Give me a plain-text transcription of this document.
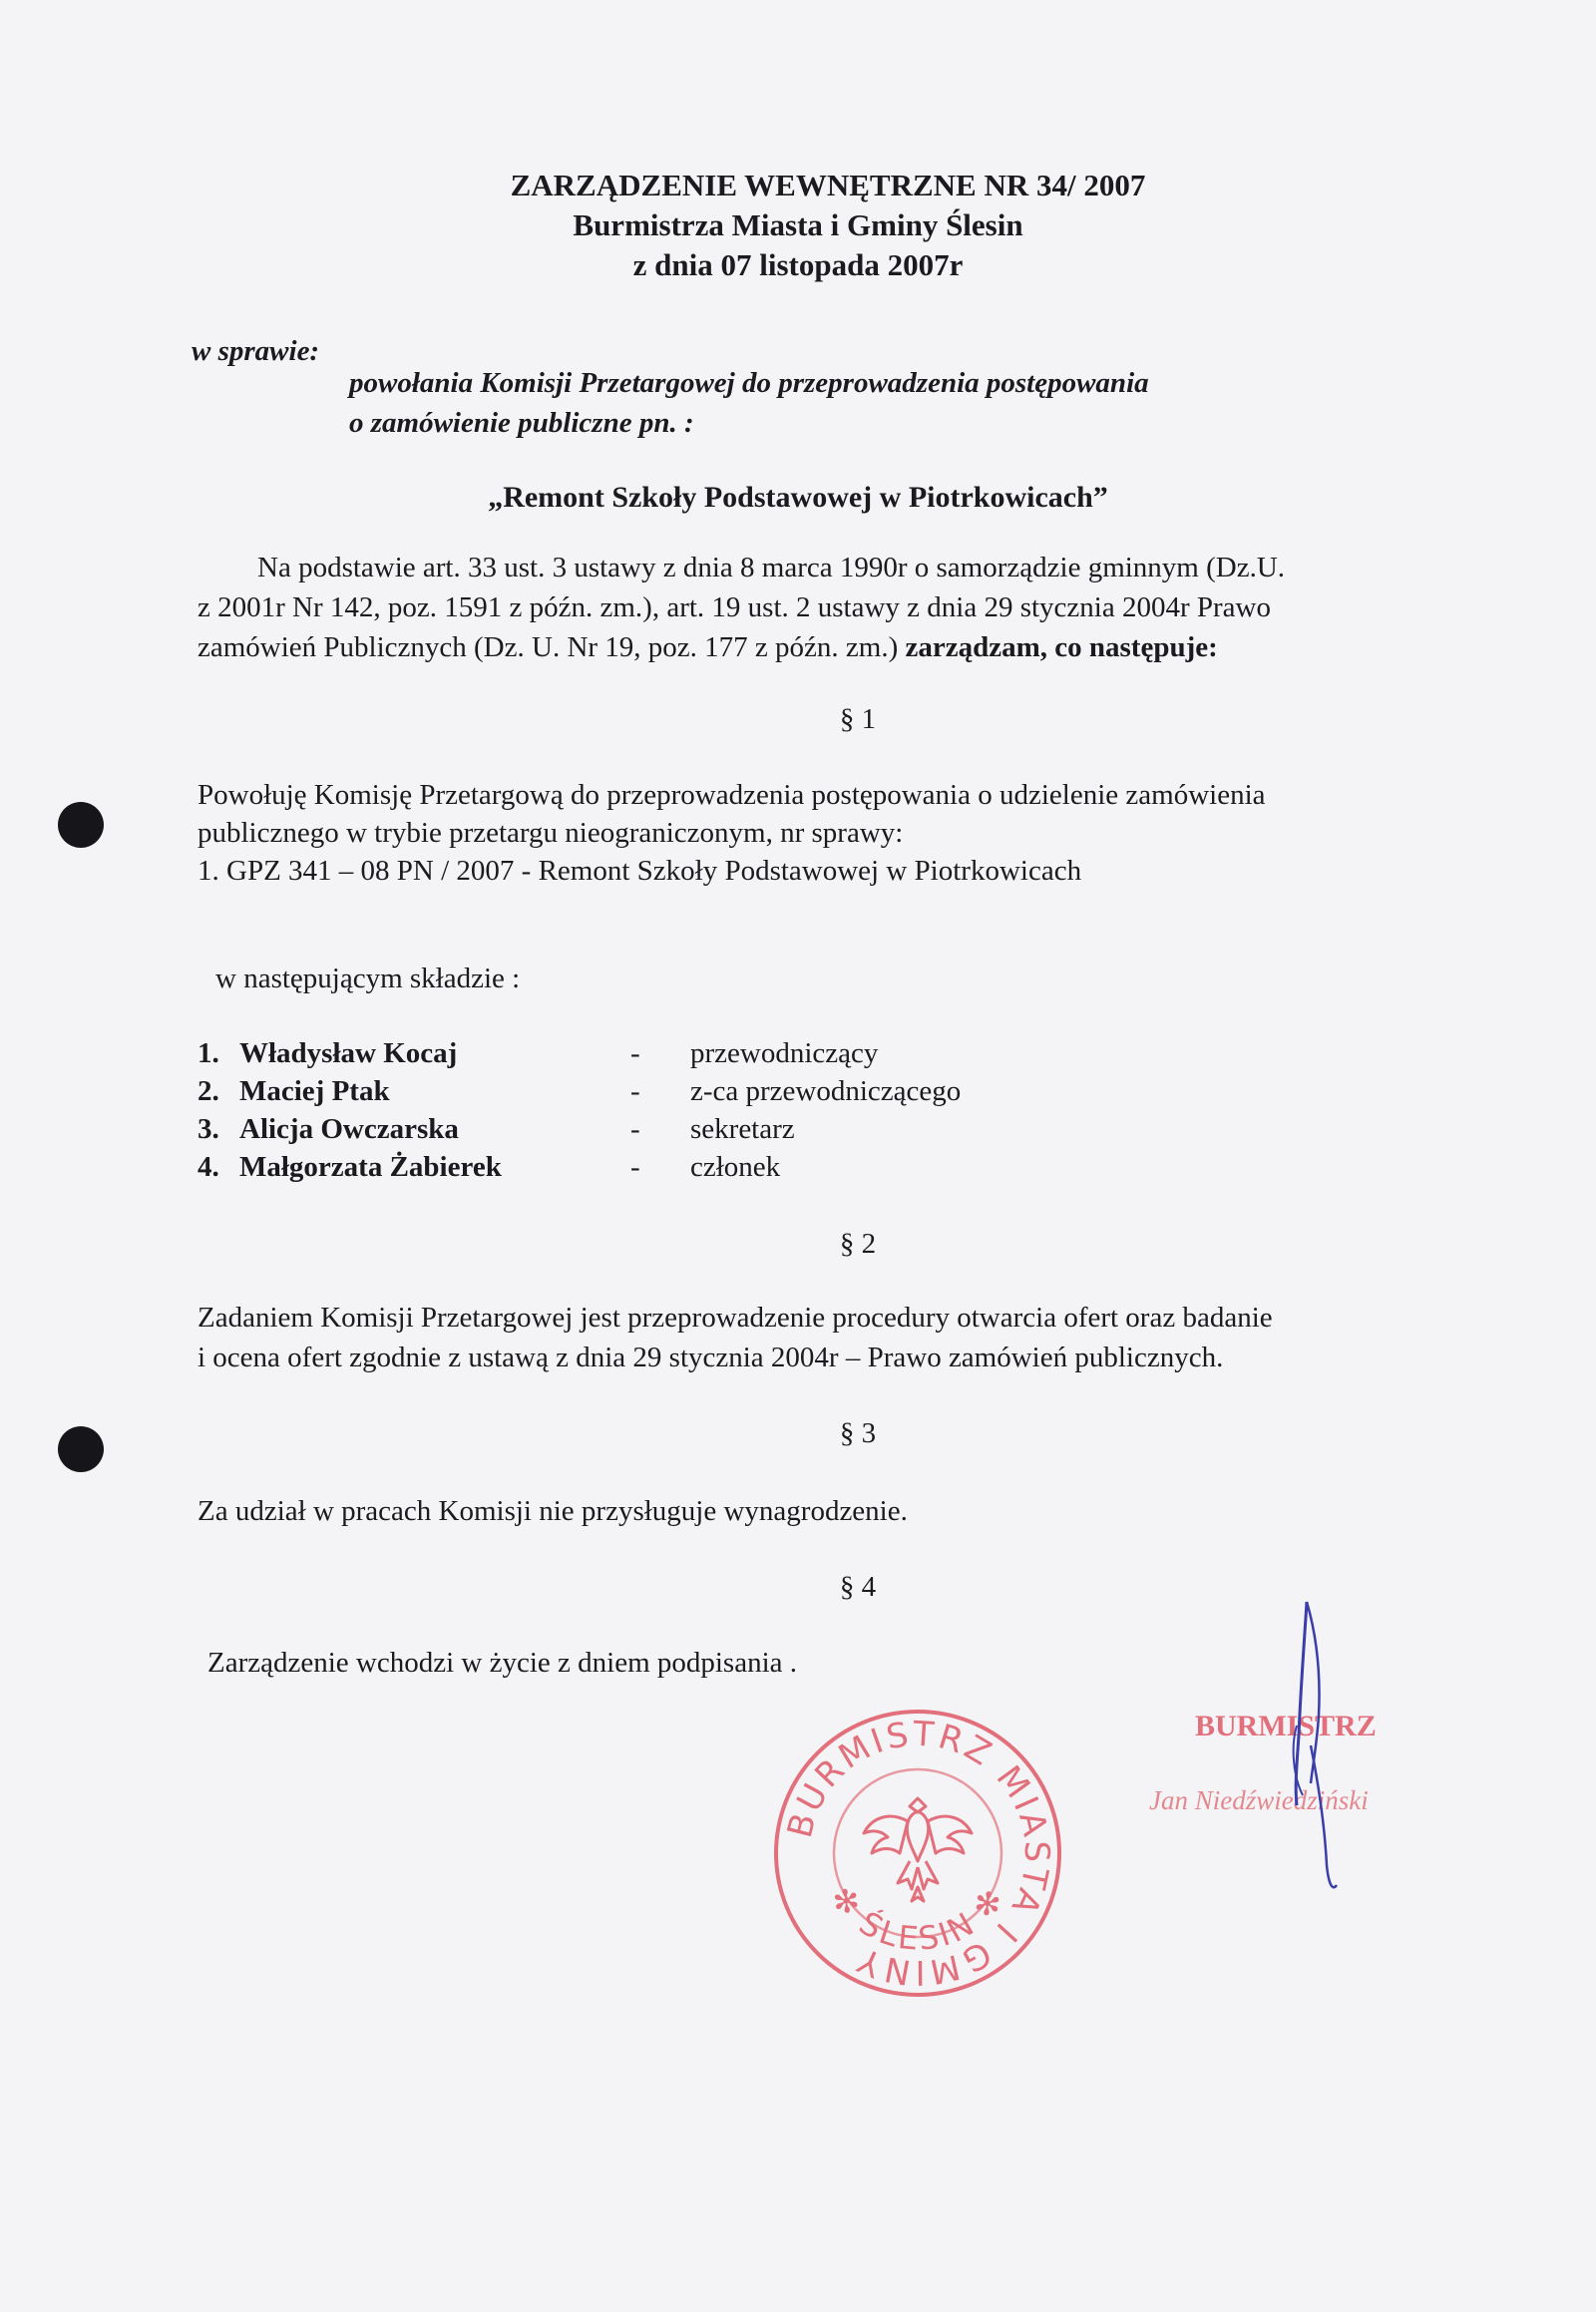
ZARZĄDZENIE WEWNĘTRZNE NR 34/ 2007
Burmistrza Miasta i Gminy Ślesin
z dnia 07 listopada 2007r
w sprawie:
powołania Komisji Przetargowej do przeprowadzenia postępowania
o zamówienie publiczne pn. :
„Remont Szkoły Podstawowej w Piotrkowicach”
Na podstawie art. 33 ust. 3 ustawy z dnia 8 marca 1990r o samorządzie gminnym (Dz.U.
z 2001r Nr 142, poz. 1591 z późn. zm.), art. 19 ust. 2 ustawy z dnia 29 stycznia 2004r Prawo
zamówień Publicznych (Dz. U. Nr 19, poz. 177 z późn. zm.) zarządzam, co następuje:
§ 1
Powołuję Komisję Przetargową do przeprowadzenia postępowania o udzielenie zamówienia
publicznego w trybie przetargu nieograniczonym, nr sprawy:
1. GPZ 341 – 08 PN / 2007 - Remont Szkoły Podstawowej w Piotrkowicach
w następującym składzie :
1. Władysław Kocaj	- przewodniczący
2. Maciej Ptak	- z-ca przewodniczącego
3. Alicja Owczarska	- sekretarz
4. Małgorzata Żabierek	- członek
§ 2
Zadaniem Komisji Przetargowej jest przeprowadzenie procedury otwarcia ofert oraz badanie
i ocena ofert zgodnie z ustawą z dnia 29 stycznia 2004r – Prawo zamówień publicznych.
§ 3
Za udział w pracach Komisji nie przysługuje wynagrodzenie.
§ 4
Zarządzenie wchodzi w życie z dniem podpisania .
BURMISTRZ MIASTA I GMINY
✻ ŚLESIN ✻
BURMISTRZ
Jan Niedźwiedziński
